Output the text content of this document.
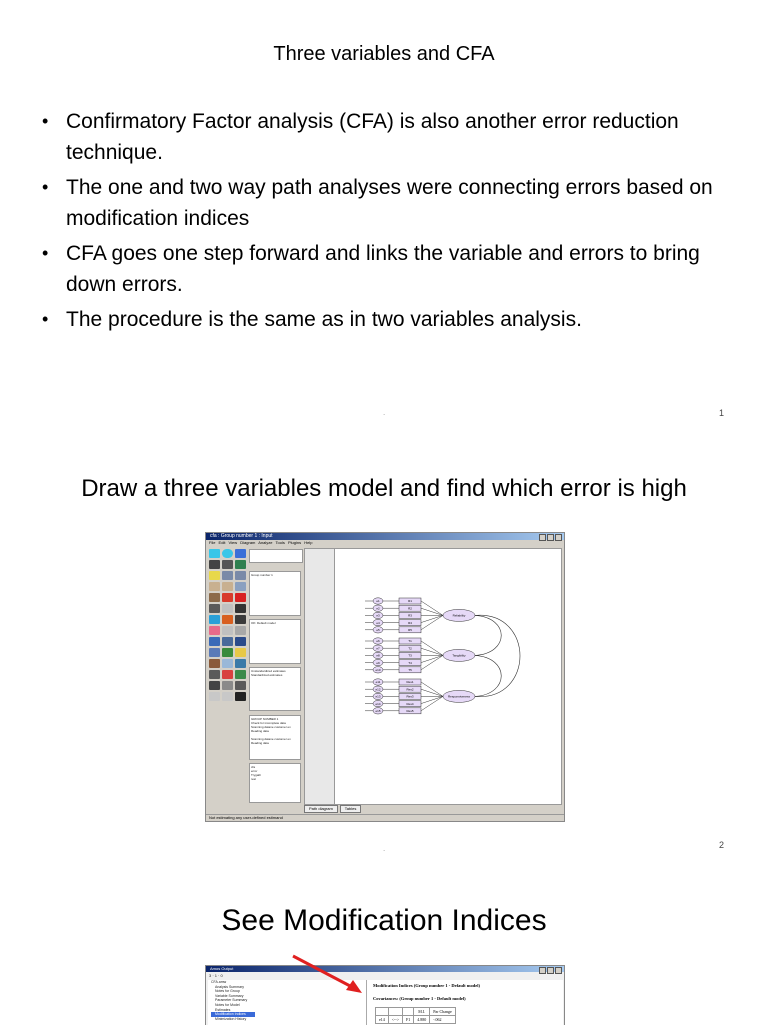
Three variables and CFA
• Confirmatory Factor analysis (CFA) is also another error reduction technique.
• The one and two way path analyses were connecting errors based on modification indices
• CFA goes one step forward and links the variable and errors to bring down errors.
• The procedure is the same as in two variables analysis.
.	1
Draw a three variables model and find which error is high
cfa : Group number 1 : Input
File Edit View Diagram Analyze Tools Plugins Help
Group number 1
OK: Default model
Unstandardized estimates
Standardized estimates
GROUP NUMBER 1
Check for incomplete data
Scanning datane customer ex
Reading data

Scanning datane customer ex
Reading data
cfa
error
Trygath
rest
e1	R1
e2	R2
e3	R3
e4	R4
e5	R5
e6	T1
e7	T2
e8	T3
e9	T4
e10	T5
e11	Res1
e12	Res2
e13	Res3
e14	Res4
e15	Res5
Reliability
Tangibility
Responsiveness
Path diagram	Tables
Not estimating any user-defined estimand
.	2
See Modification Indices
Amos Output
3 · 1 · 0
CFA.amw
Analysis Summary
Notes for Group
Variable Summary
Parameter Summary
Notes for Model
Estimates
Modification Indices
Minimization History
Modification Indices (Group number 1 - Default model)
Covariances: (Group number 1 - Default model)
			M.I.	Par Change
e14	<-->	F1	4.880	-.062
